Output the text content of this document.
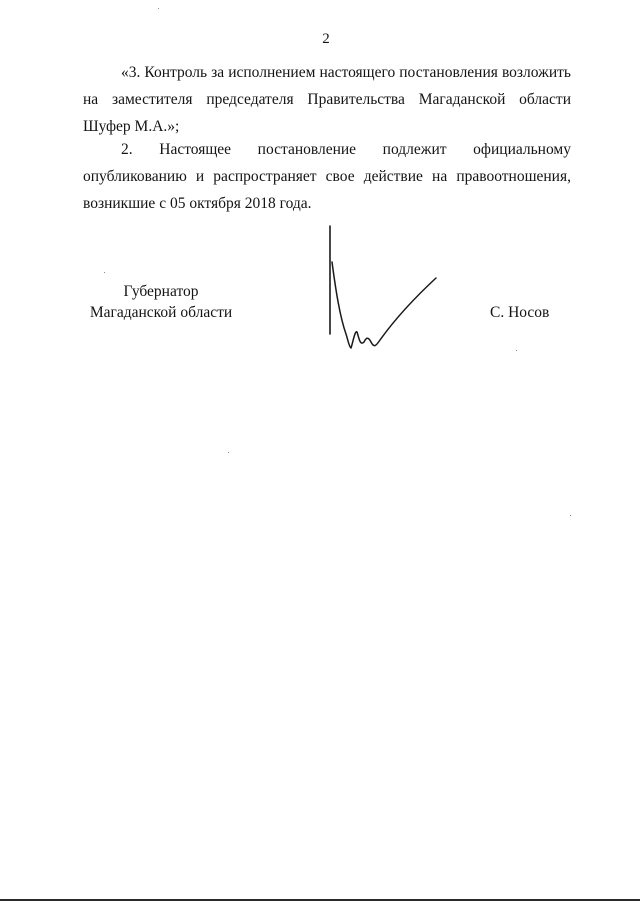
2
«3. Контроль за исполнением настоящего постановления возложить
на заместителя председателя Правительства Магаданской области
Шуфер М.А.»;
2. Настоящее постановление подлежит официальному
опубликованию и распространяет свое действие на правоотношения,
возникшие с 05 октября 2018 года.
Губернатор
Магаданской области	С. Носов
